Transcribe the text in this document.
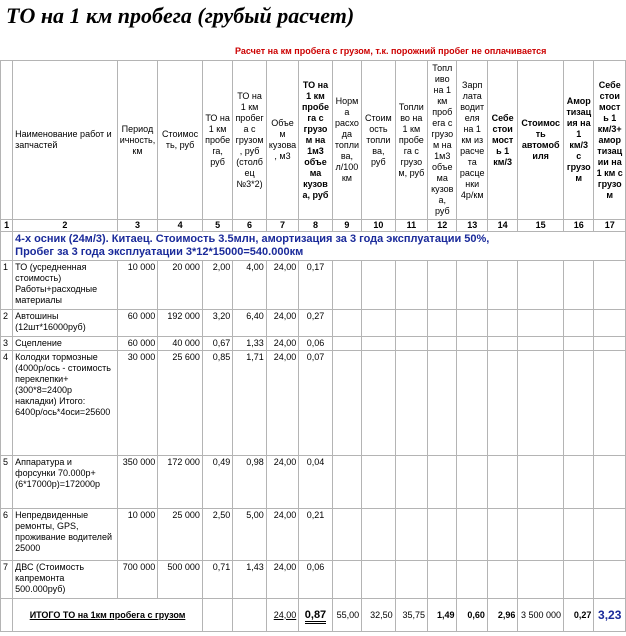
ТО на 1 км пробега (грубый расчет)
Расчет на км пробега с грузом, т.к. порожний пробег не оплачивается
	Наименование работ и запчастей	Периодичность, км	Стоимость, руб	ТО на 1 км пробега, руб	ТО на 1 км пробега с грузом, руб (столбец №3*2)	Объем кузова, м3	ТО на 1 км пробега с грузом на 1м3 объема кузова, руб	Норма расхода топлива, л/100 км	Стоимость топлива, руб	Топливо на 1 км пробега с грузом, руб	Топливо на 1 км пробега с грузом на 1м3 объема кузова, руб	Зарплата водителя на 1 км из расчета расценки 4р/км	Себестоимость 1 км/3	Стоимость автомобиля	Амортизация на 1 км/3 с грузом	Себестоимость 1 км/3+ амортизации на 1 км с грузом
1	2	3	4	5	6	7	8	9	10	11	12	13	14	15	16	17

	4-х осник (24м/3). Китаец. Стоимость 3.5млн, амортизация за 3 года эксплуатации 50%,
Пробег за 3 года эксплуатации 3*12*15000=540.000км															

1	ТО (усредненная стоимость) Работы+расходные материалы	10 000	20 000	2,00	4,00	24,00	0,17									
2	Автошины (12шт*16000руб)	60 000	192 000	3,20	6,40	24,00	0,27									
3	Сцепление	60 000	40 000	0,67	1,33	24,00	0,06									
4	Колодки тормозные (4000р/ось - стоимость переклепки+ (300*8=2400р накладки) Итого: 6400р/ось*4оси=25600	30 000	25 600	0,85	1,71	24,00	0,07									
5	Аппаратура и форсунки 70.000р+(6*17000р)=172000р	350 000	172 000	0,49	0,98	24,00	0,04									
6	Непредвиденные ремонты, GPS, проживание водителей 25000	10 000	25 000	2,50	5,00	24,00	0,21									
7	ДВС (Стоимость капремонта 500.000руб)	700 000	500 000	0,71	1,43	24,00	0,06									
	ИТОГО ТО на 1км пробега с грузом					24,00	0,87	55,00	32,50	35,75	1,49	0,60	2,96	3 500 000	0,27	3,23
